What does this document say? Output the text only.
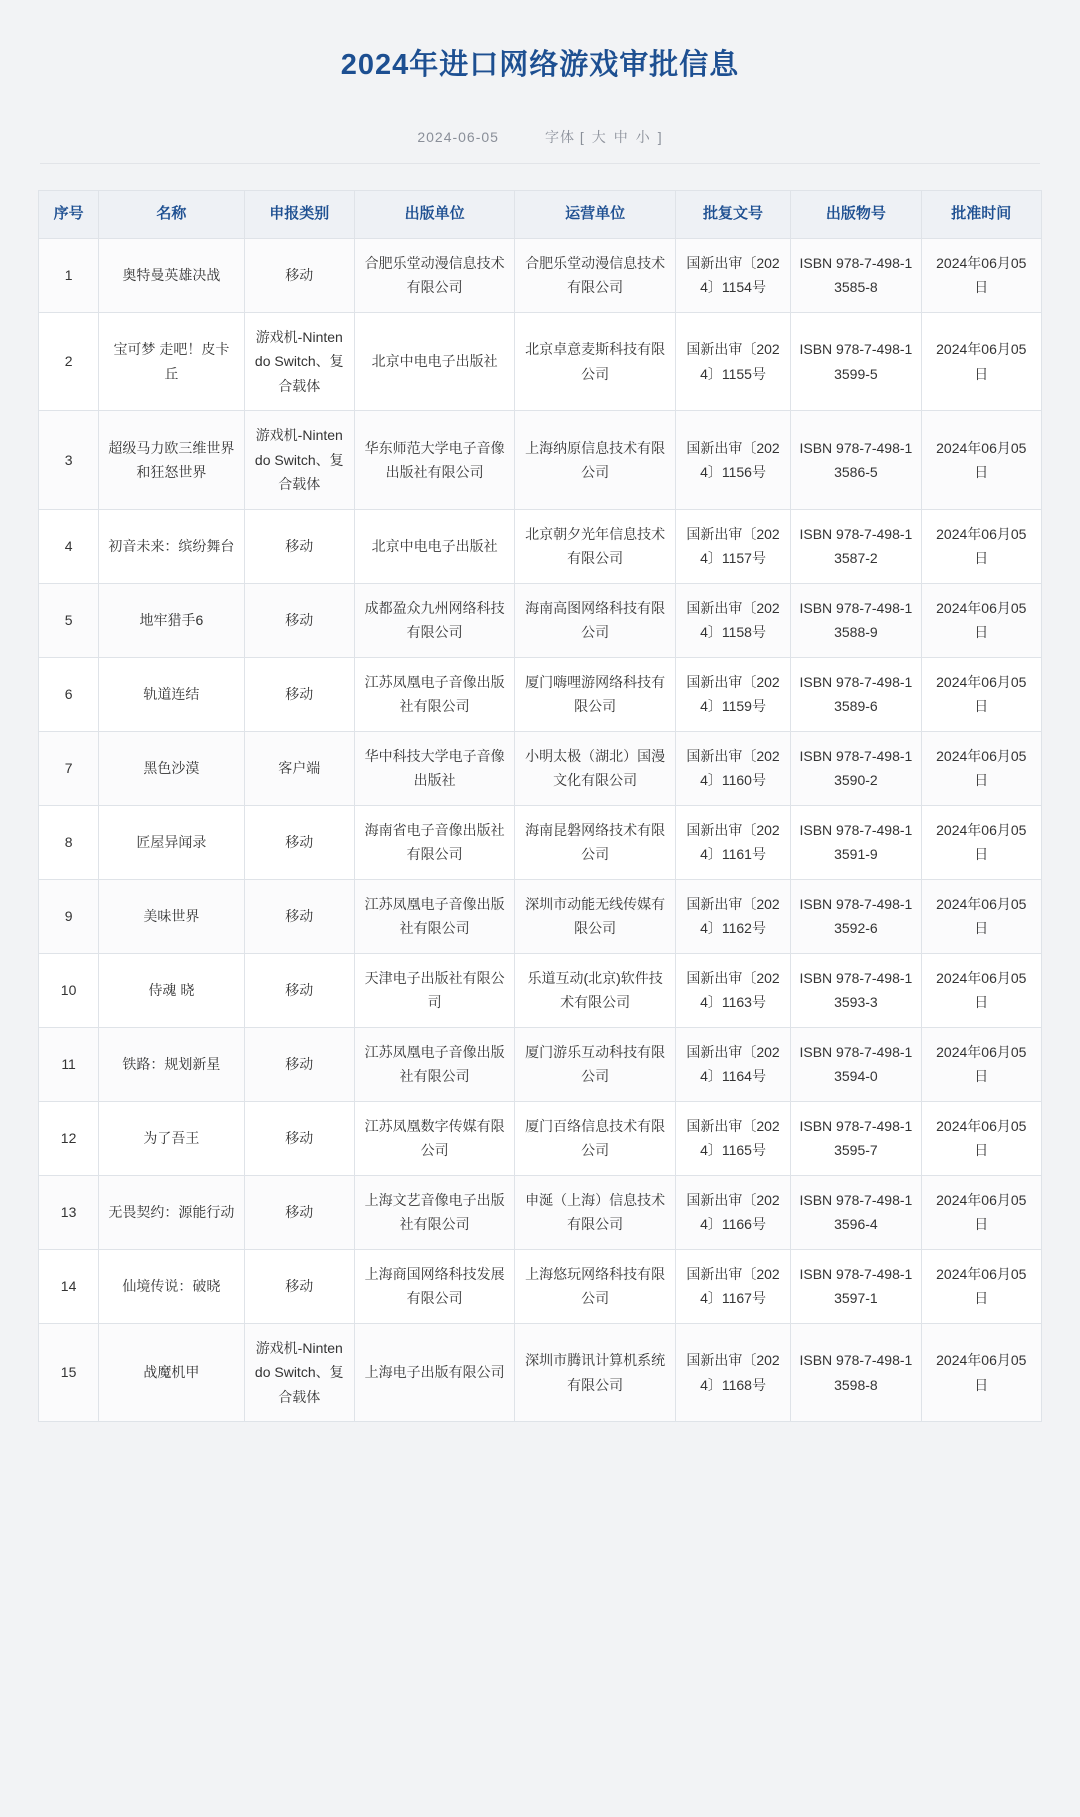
2024年进口网络游戏审批信息
2024-06-05	字体 [ 大 中 小 ]
序号	名称	申报类别	出版单位	运营单位	批复文号	出版物号	批准时间
1	奥特曼英雄决战	移动	合肥乐堂动漫信息技术有限公司	合肥乐堂动漫信息技术有限公司	国新出审〔2024〕1154号	ISBN 978-7-498-13585-8	2024年06月05日
2	宝可梦 走吧！皮卡丘	游戏机-Nintendo Switch、复合载体	北京中电电子出版社	北京卓意麦斯科技有限公司	国新出审〔2024〕1155号	ISBN 978-7-498-13599-5	2024年06月05日
3	超级马力欧三维世界和狂怒世界	游戏机-Nintendo Switch、复合载体	华东师范大学电子音像出版社有限公司	上海纳原信息技术有限公司	国新出审〔2024〕1156号	ISBN 978-7-498-13586-5	2024年06月05日
4	初音未来：缤纷舞台	移动	北京中电电子出版社	北京朝夕光年信息技术有限公司	国新出审〔2024〕1157号	ISBN 978-7-498-13587-2	2024年06月05日
5	地牢猎手6	移动	成都盈众九州网络科技有限公司	海南高图网络科技有限公司	国新出审〔2024〕1158号	ISBN 978-7-498-13588-9	2024年06月05日
6	轨道连结	移动	江苏凤凰电子音像出版社有限公司	厦门嗨哩游网络科技有限公司	国新出审〔2024〕1159号	ISBN 978-7-498-13589-6	2024年06月05日
7	黑色沙漠	客户端	华中科技大学电子音像出版社	小明太极（湖北）国漫文化有限公司	国新出审〔2024〕1160号	ISBN 978-7-498-13590-2	2024年06月05日
8	匠屋异闻录	移动	海南省电子音像出版社有限公司	海南昆磐网络技术有限公司	国新出审〔2024〕1161号	ISBN 978-7-498-13591-9	2024年06月05日
9	美味世界	移动	江苏凤凰电子音像出版社有限公司	深圳市动能无线传媒有限公司	国新出审〔2024〕1162号	ISBN 978-7-498-13592-6	2024年06月05日
10	侍魂 晓	移动	天津电子出版社有限公司	乐道互动(北京)软件技术有限公司	国新出审〔2024〕1163号	ISBN 978-7-498-13593-3	2024年06月05日
11	铁路：规划新星	移动	江苏凤凰电子音像出版社有限公司	厦门游乐互动科技有限公司	国新出审〔2024〕1164号	ISBN 978-7-498-13594-0	2024年06月05日
12	为了吾王	移动	江苏凤凰数字传媒有限公司	厦门百络信息技术有限公司	国新出审〔2024〕1165号	ISBN 978-7-498-13595-7	2024年06月05日
13	无畏契约：源能行动	移动	上海文艺音像电子出版社有限公司	申涎（上海）信息技术有限公司	国新出审〔2024〕1166号	ISBN 978-7-498-13596-4	2024年06月05日
14	仙境传说：破晓	移动	上海商国网络科技发展有限公司	上海悠玩网络科技有限公司	国新出审〔2024〕1167号	ISBN 978-7-498-13597-1	2024年06月05日
15	战魔机甲	游戏机-Nintendo Switch、复合载体	上海电子出版有限公司	深圳市腾讯计算机系统有限公司	国新出审〔2024〕1168号	ISBN 978-7-498-13598-8	2024年06月05日
